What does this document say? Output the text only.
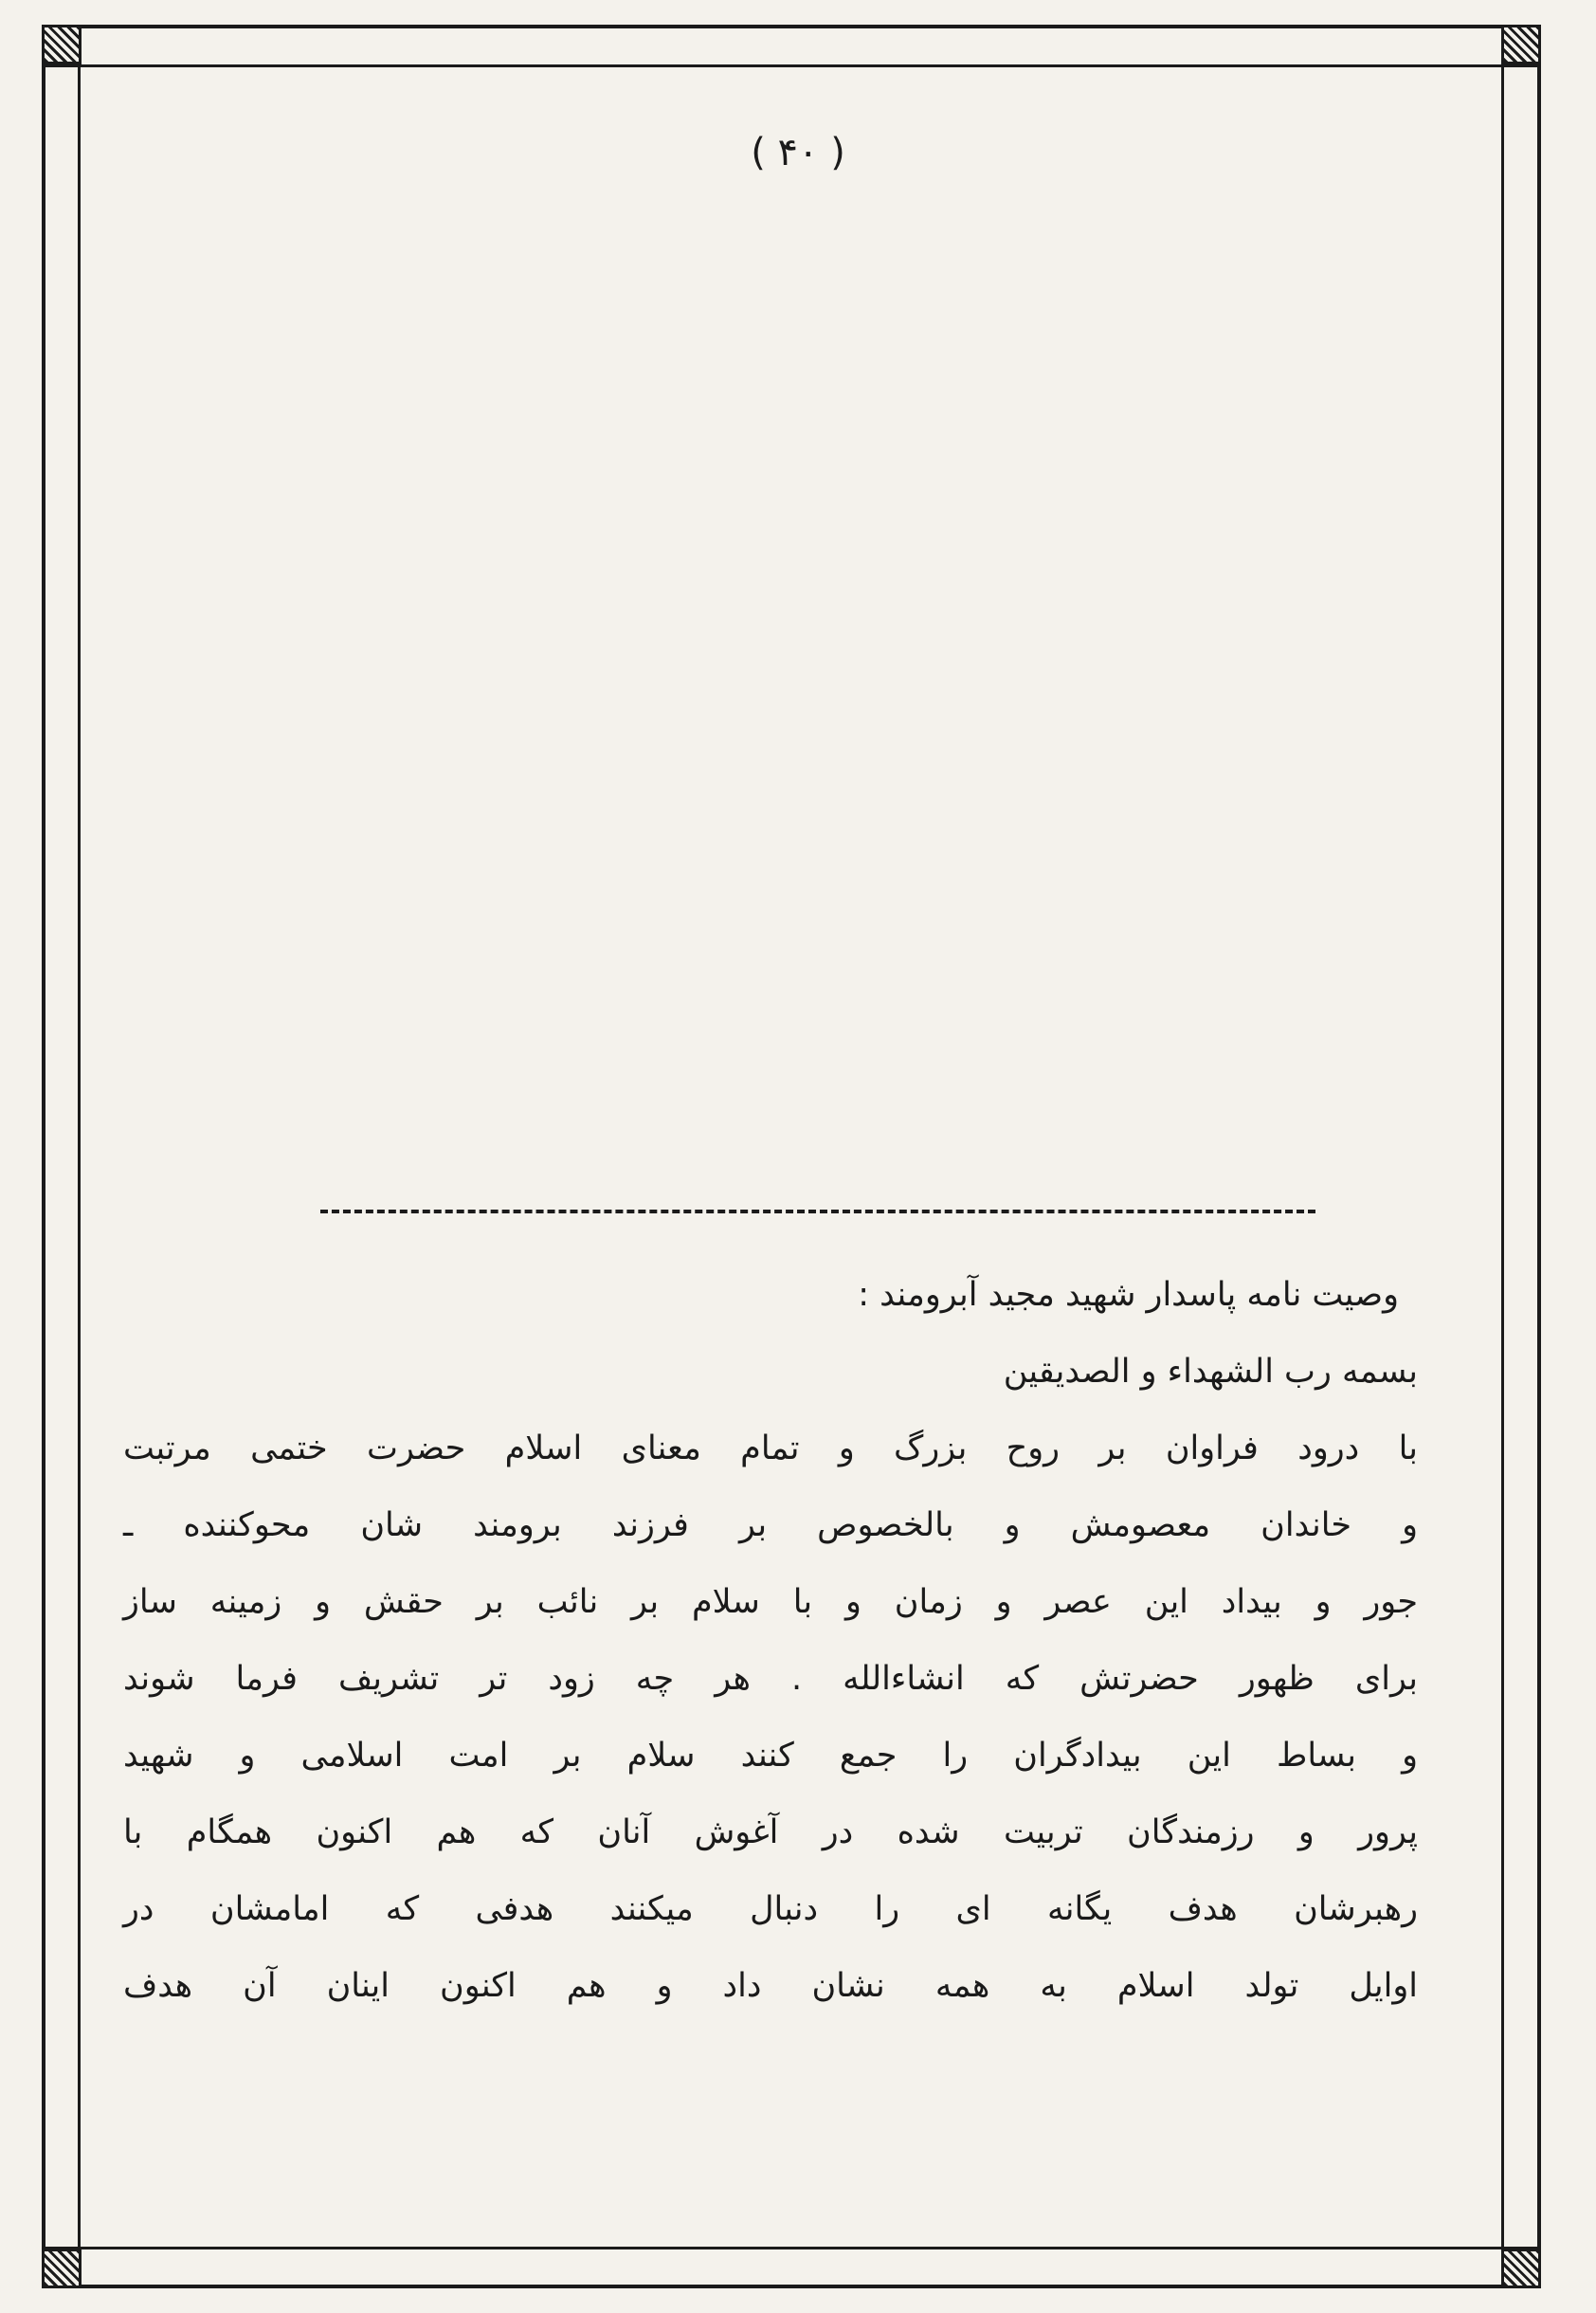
( ۴۰ )
وصیت نامه پاسدار شهید مجید آبرومند :
بسمه رب الشهداء و الصدیقین
با درود فراوان بر روح بزرگ و تمام معنای اسلام حضرت ختمی مرتبت
و خاندان معصومش و بالخصوص بر فرزند برومند شان محوکننده ـ
جور و بیداد این عصر و زمان و با سلام بر نائب بر حقش و زمینه ساز
برای ظهور حضرتش که انشاءالله . هر چه زود تر تشریف فرما شوند
و بساط این بیدادگران را جمع کنند سلام بر امت اسلامی و شهید
پرور و رزمندگان تربیت شده در آغوش آنان که هم اکنون همگام با
رهبرشان هدف یگانه ای را دنبال میکنند هدفی که امامشان در
اوایل تولد اسلام به همه نشان داد و هم اکنون اینان آن هدف
